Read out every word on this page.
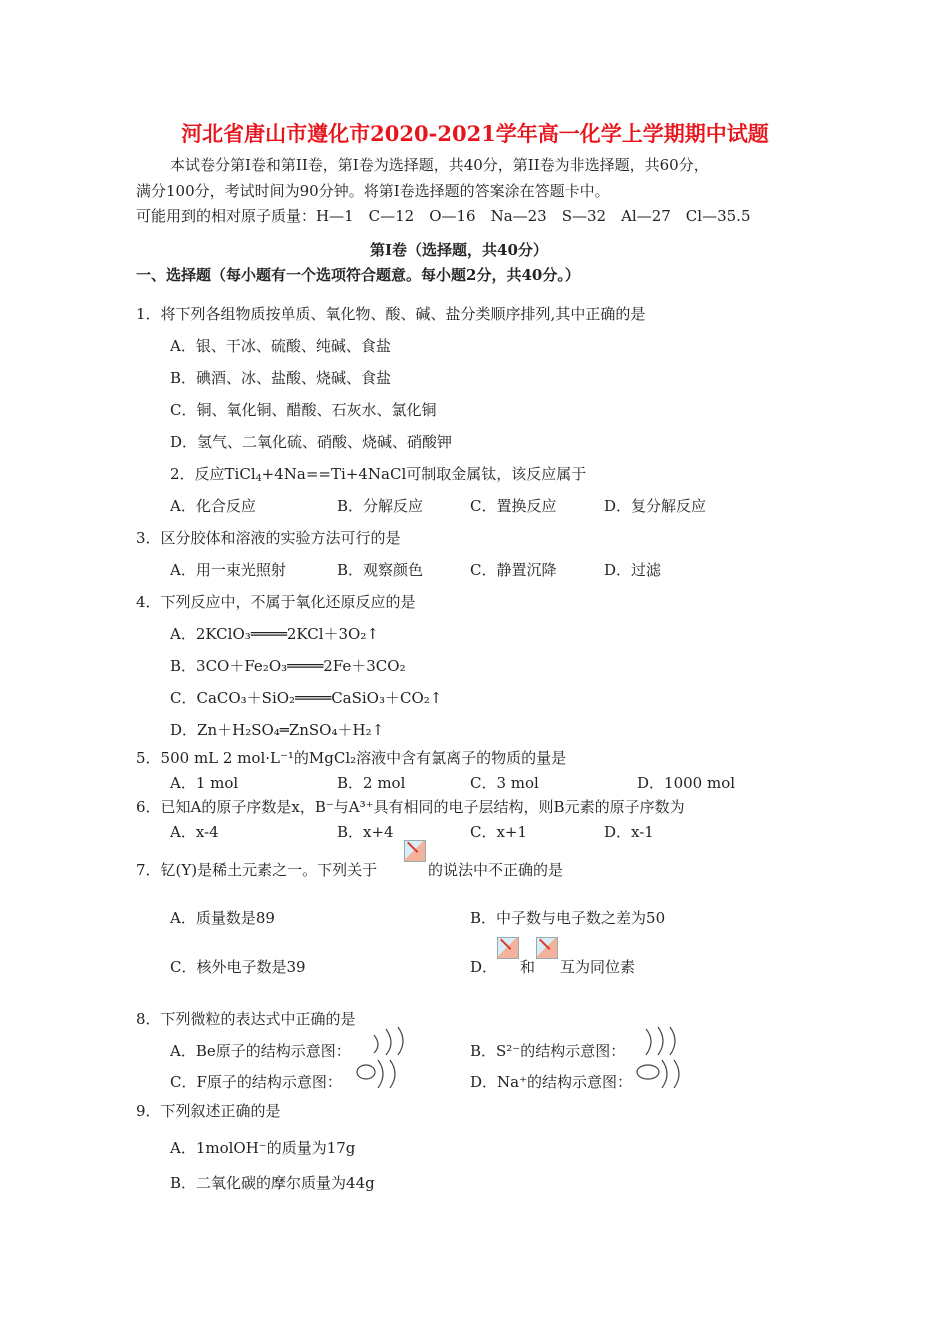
河北省唐山市遵化市2020-2021学年高一化学上学期期中试题
本试卷分第Ⅰ卷和第II卷，第Ⅰ卷为选择题，共40分，第II卷为非选择题，共60分，
满分100分，考试时间为90分钟。将第Ⅰ卷选择题的答案涂在答题卡中。
可能用到的相对原子质量：H—1　C—12　O—16　Na—23　S—32　Al—27　Cl—35.5
第Ⅰ卷（选择题，共40分）
一、选择题（每小题有一个选项符合题意。每小题2分，共40分。）
1．将下列各组物质按单质、氧化物、酸、碱、盐分类顺序排列,其中正确的是
A．银、干冰、硫酸、纯碱、食盐
B．碘酒、冰、盐酸、烧碱、食盐
C．铜、氧化铜、醋酸、石灰水、氯化铜
D．氢气、二氧化硫、硝酸、烧碱、硝酸钾
2．反应TiCl$_4$+4Na==Ti+4NaCl可制取金属钛，该反应属于
A．化合反应	B．分解反应	C．置换反应	D．复分解反应
3．区分胶体和溶液的实验方法可行的是
A．用一束光照射	B．观察颜色	C．静置沉降	D．过滤
4．下列反应中，不属于氧化还原反应的是
A．2KClO₃════2KCl＋3O₂↑
B．3CO＋Fe₂O₃════2Fe＋3CO₂
C．CaCO₃＋SiO₂════CaSiO₃＋CO₂↑
D．Zn＋H₂SO₄═ZnSO₄＋H₂↑
5．500 mL 2 mol·L⁻¹的MgCl₂溶液中含有氯离子的物质的量是
A．1 mol	B．2 mol	C．3 mol	D．1000 mol
6．已知A的原子序数是x，B⁻与A³⁺具有相同的电子层结构，则B元素的原子序数为
A．x-4	B．x+4	C．x+1	D．x-1
7．钇(Y)是稀土元素之一。下列关于	的说法中不正确的是
A．质量数是89	B．中子数与电子数之差为50
C．核外电子数是39	D． 和 互为同位素
8．下列微粒的表达式中正确的是
A．Be原子的结构示意图：	B．S²⁻的结构示意图：
C．F原子的结构示意图：	D．Na⁺的结构示意图：
9．下列叙述正确的是
A．1molOH⁻的质量为17g
B．二氧化碳的摩尔质量为44g
